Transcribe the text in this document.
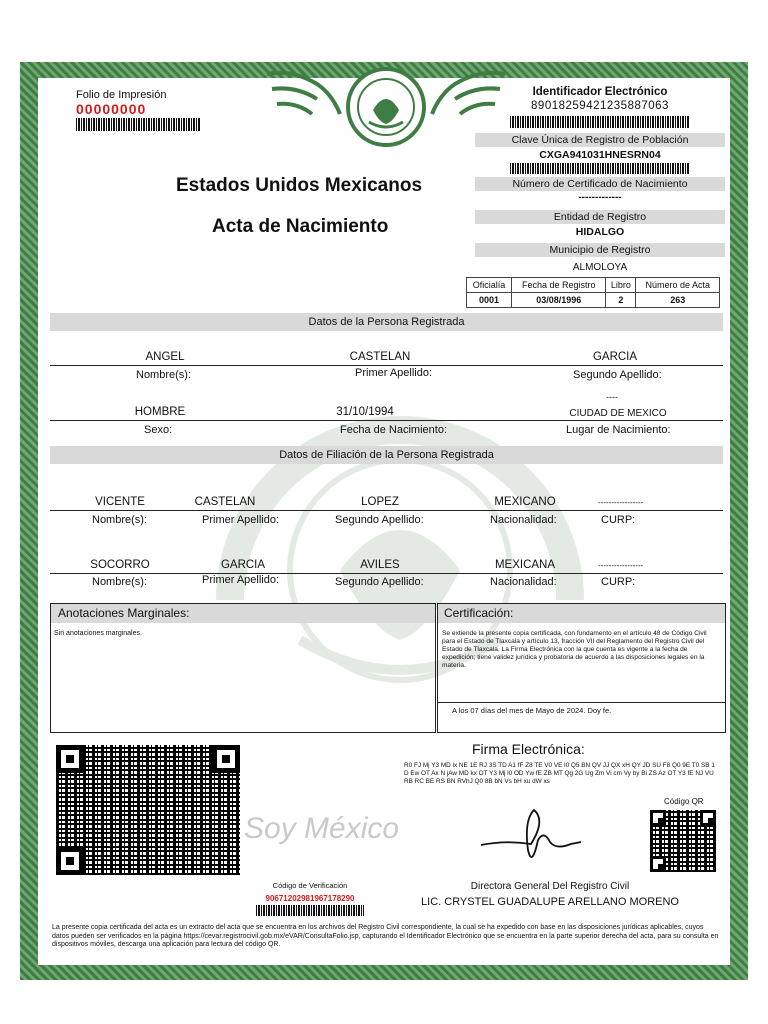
Folio de Impresión
00000000
Identificador Electrónico
89018259421235887063
Clave Única de Registro de Población
CXGA941031HNESRN04
Número de Certificado de Nacimiento
-------------
Entidad de Registro
HIDALGO
Municipio de Registro
ALMOLOYA
Oficialía	Fecha de Registro	Libro	Número de Acta
0001	03/08/1996	2	263
Estados Unidos Mexicanos
Acta de Nacimiento
Datos de la Persona Registrada
ANGEL	CASTELAN	GARCIA
Nombre(s):	Primer Apellido:	Segundo Apellido:
----
HOMBRE	31/10/1994	CIUDAD DE MEXICO
Sexo:	Fecha de Nacimiento:	Lugar de Nacimiento:
Datos de Filiación de la Persona Registrada
VICENTE	CASTELAN	LOPEZ	MEXICANO	-----------------
Nombre(s):	Primer Apellido:	Segundo Apellido:	Nacionalidad:	CURP:
SOCORRO	GARCIA	AVILES	MEXICANA	-----------------
Nombre(s):	Primer Apellido:	Segundo Apellido:	Nacionalidad:	CURP:
Anotaciones Marginales:
Sin anotaciones marginales.
Certificación:
Se extiende la presente copia certificada, con fundamento en el artículo 48 de Código Civil para el Estado de Tlaxcala y artículo 13, fracción VII del Reglamento del Registro Civil del Estado de Tlaxcala. La Firma Electrónica con la que cuenta es vigente a la fecha de expedición; tiene validez jurídica y probatoria de acuerdo a las disposiciones legales en la materia.
A los 07 días del mes de Mayo de 2024. Doy fe.
Soy México
Código de Verificación
90671202981967178290
Firma Electrónica:
R0 FJ Mj Y3 MD lx NE 1E RJ 3S TD A1 fF Z8 TE V0 VE l0 Q5 BN QV JJ QX xH QY JD SU F8 Q0 9E T0 SB 1D Ew OT Ax N jAw MD kx OT Y3 Mj l0 OD Yw fE ZB MT Qg 2G Ug Zm Vi cm Vy by Bi ZS Az OT Y3 fE NJ VU RB RC BE RS BN RVhJ Q0 8B bN Vs bH xu dW xs
Código QR
Directora General Del Registro Civil
LIC. CRYSTEL GUADALUPE ARELLANO MORENO
La presente copia certificada del acta es un extracto del acta que se encuentra en los archivos del Registro Civil correspondiente, la cual se ha expedido con base en las disposiciones jurídicas aplicables, cuyos datos pueden ser verificados en la página https://cevar.registrocivil.gob.mx/eVAR/ConsultaFolio.jsp, capturando el Identificador Electrónico que se encuentra en la parte superior derecha del acta, para su consulta en dispositivos móviles, descarga una aplicación para lectura del código QR.
